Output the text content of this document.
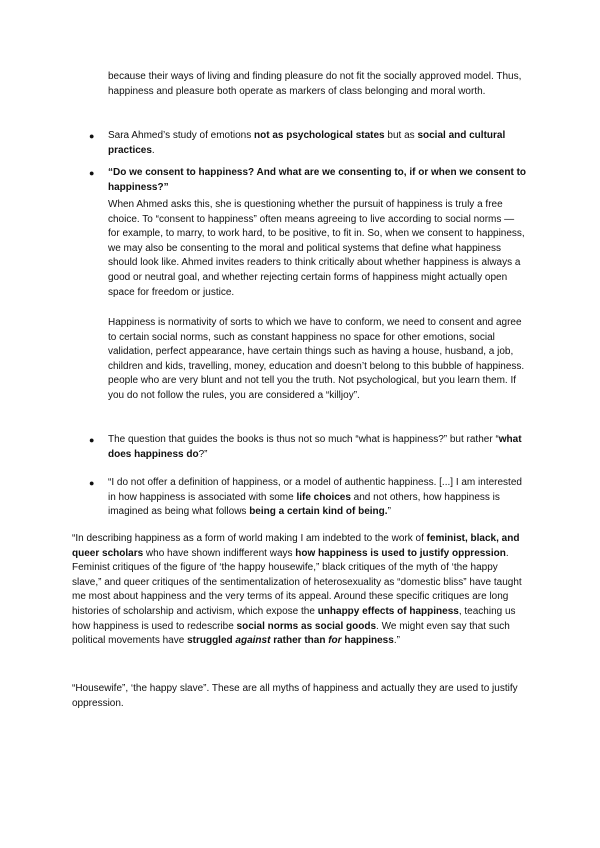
because their ways of living and finding pleasure do not fit the socially approved model. Thus, happiness and pleasure both operate as markers of class belonging and moral worth.

●	Sara Ahmed’s study of emotions not as psychological states but as social and cultural practices.
●	“Do we consent to happiness? And what are we consenting to, if or when we consent to happiness?”

When Ahmed asks this, she is questioning whether the pursuit of happiness is truly a free choice. To “consent to happiness” often means agreeing to live according to social norms — for example, to marry, to work hard, to be positive, to fit in. So, when we consent to happiness, we may also be consenting to the moral and political systems that define what happiness should look like. Ahmed invites readers to think critically about whether happiness is always a good or neutral goal, and whether rejecting certain forms of happiness might actually open space for freedom or justice.

Happiness is normativity of sorts to which we have to conform, we need to consent and agree to certain social norms, such as constant happiness no space for other emotions, social validation, perfect appearance, have certain things such as having a house, husband, a job, children and kids, travelling, money, education and doesn’t belong to this bubble of happiness. people who are very blunt and not tell you the truth. Not psychological, but you learn them. If you do not follow the rules, you are considered a “killjoy”.

●	The question that guides the books is thus not so much “what is happiness?” but rather “what does happiness do?”
●	“I do not offer a definition of happiness, or a model of authentic happiness. [...] I am interested in how happiness is associated with some life choices and not others, how happiness is imagined as being what follows being a certain kind of being.”

“In describing happiness as a form of world making I am indebted to the work of feminist, black, and queer scholars who have shown indifferent ways how happiness is used to justify oppression. Feminist critiques of the figure of ‘the happy housewife,” black critiques of the myth of ‘the happy slave,” and queer critiques of the sentimentalization of heterosexuality as “domestic bliss” have taught me most about happiness and the very terms of its appeal. Around these specific critiques are long histories of scholarship and activism, which expose the unhappy effects of happiness, teaching us how happiness is used to redescribe social norms as social goods. We might even say that such political movements have struggled against rather than for happiness.”

“Housewife”, ‘the happy slave”. These are all myths of happiness and actually they are used to justify oppression.
